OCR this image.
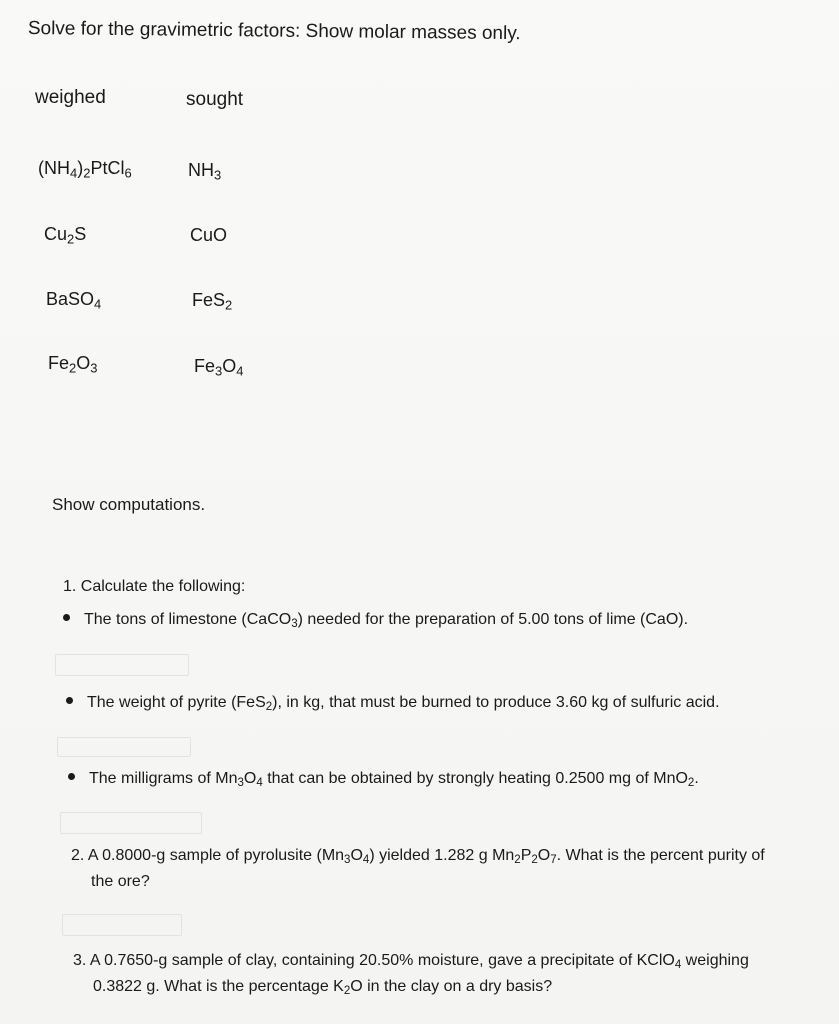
Solve for the gravimetric factors: Show molar masses only.
weighed	sought
$(NH_4)_2PtCl_6$	$NH_3$
$Cu_2S$	CuO
BaSO$_4$	FeS$_2$
$Fe_2O_3$	$Fe_3O_4$
Show computations.
1. Calculate the following:
The tons of limestone (CaCO$_3$) needed for the preparation of 5.00 tons of lime (CaO).
The weight of pyrite (FeS$_2$), in kg, that must be burned to produce 3.60 kg of sulfuric acid.
The milligrams of $Mn_3O_4$ that can be obtained by strongly heating 0.2500 mg of MnO$_2$.
2. A 0.8000-g sample of pyrolusite $(Mn_3O_4)$ yielded 1.282 g $Mn_2P_2O_7$. What is the percent purity of
the ore?
3. A 0.7650-g sample of clay, containing 20.50% moisture, gave a precipitate of KClO$_4$ weighing
0.3822 g. What is the percentage $K_2O$ in the clay on a dry basis?
